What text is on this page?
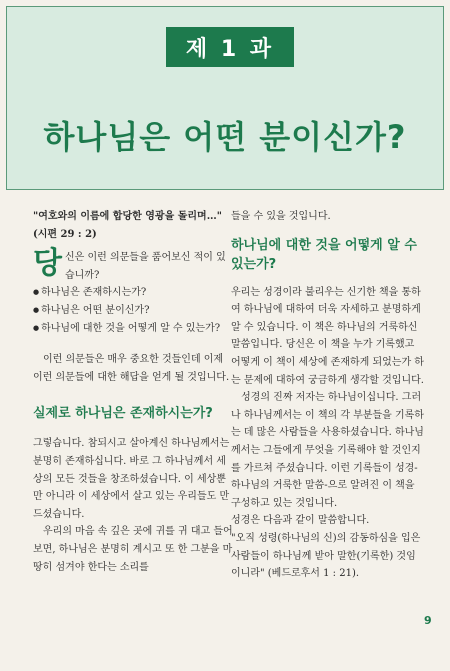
제 1 과
하나님은 어떤 분이신가?

"여호와의 이름에 합당한 영광을 돌리며…" (시편 29 : 2)

당 신은 이런 의문들을 품어보신 적이 있습니까?

● 하나님은 존재하시는가?
● 하나님은 어떤 분이신가?
● 하나님에 대한 것을 어떻게 알 수 있는가?

이런 의문들은 매우 중요한 것들인데 이제 이런 의문들에 대한 해답을 얻게 될 것입니다.

실제로 하나님은 존재하시는가?

그렇습니다. 참되시고 살아계신 하나님께서는 분명히 존재하십니다. 바로 그 하나님께서 세상의 모든 것들을 창조하셨습니다. 이 세상뿐만 아니라 이 세상에서 살고 있는 우리들도 만드셨습니다.

우리의 마음 속 깊은 곳에 귀를 귀 대고 들어보면, 하나님은 분명히 계시고 또 한 그분을 마땅히 섬겨야 한다는 소리를

들을 수 있을 것입니다.

하나님에 대한 것을 어떻게 알 수 있는가?

우리는 성경이라 불리우는 신기한 책을 통하여 하나님에 대하여 더욱 자세하고 분명하게 알 수 있습니다. 이 책은 하나님의 거룩하신 말씀입니다. 당신은 이 책을 누가 기록했고 어떻게 이 책이 세상에 존재하게 되었는가 하는 문제에 대하여 궁금하게 생각할 것입니다.

성경의 진짜 저자는 하나님이십니다. 그러나 하나님께서는 이 책의 각 부분들을 기록하는 데 많은 사람들을 사용하셨습니다. 하나님께서는 그들에게 무엇을 기록해야 할 것인지를 가르쳐 주셨습니다. 이런 기록들이 성경-하나님의 거룩한 말씀-으로 알려진 이 책을 구성하고 있는 것입니다.

성경은 다음과 같이 말씀합니다.

"오직 성령(하나님의 신)의 감동하심을 입은 사람들이 하나님께 받아 말한(기록한) 것임이니라" (베드로후서 1 : 21).

9
